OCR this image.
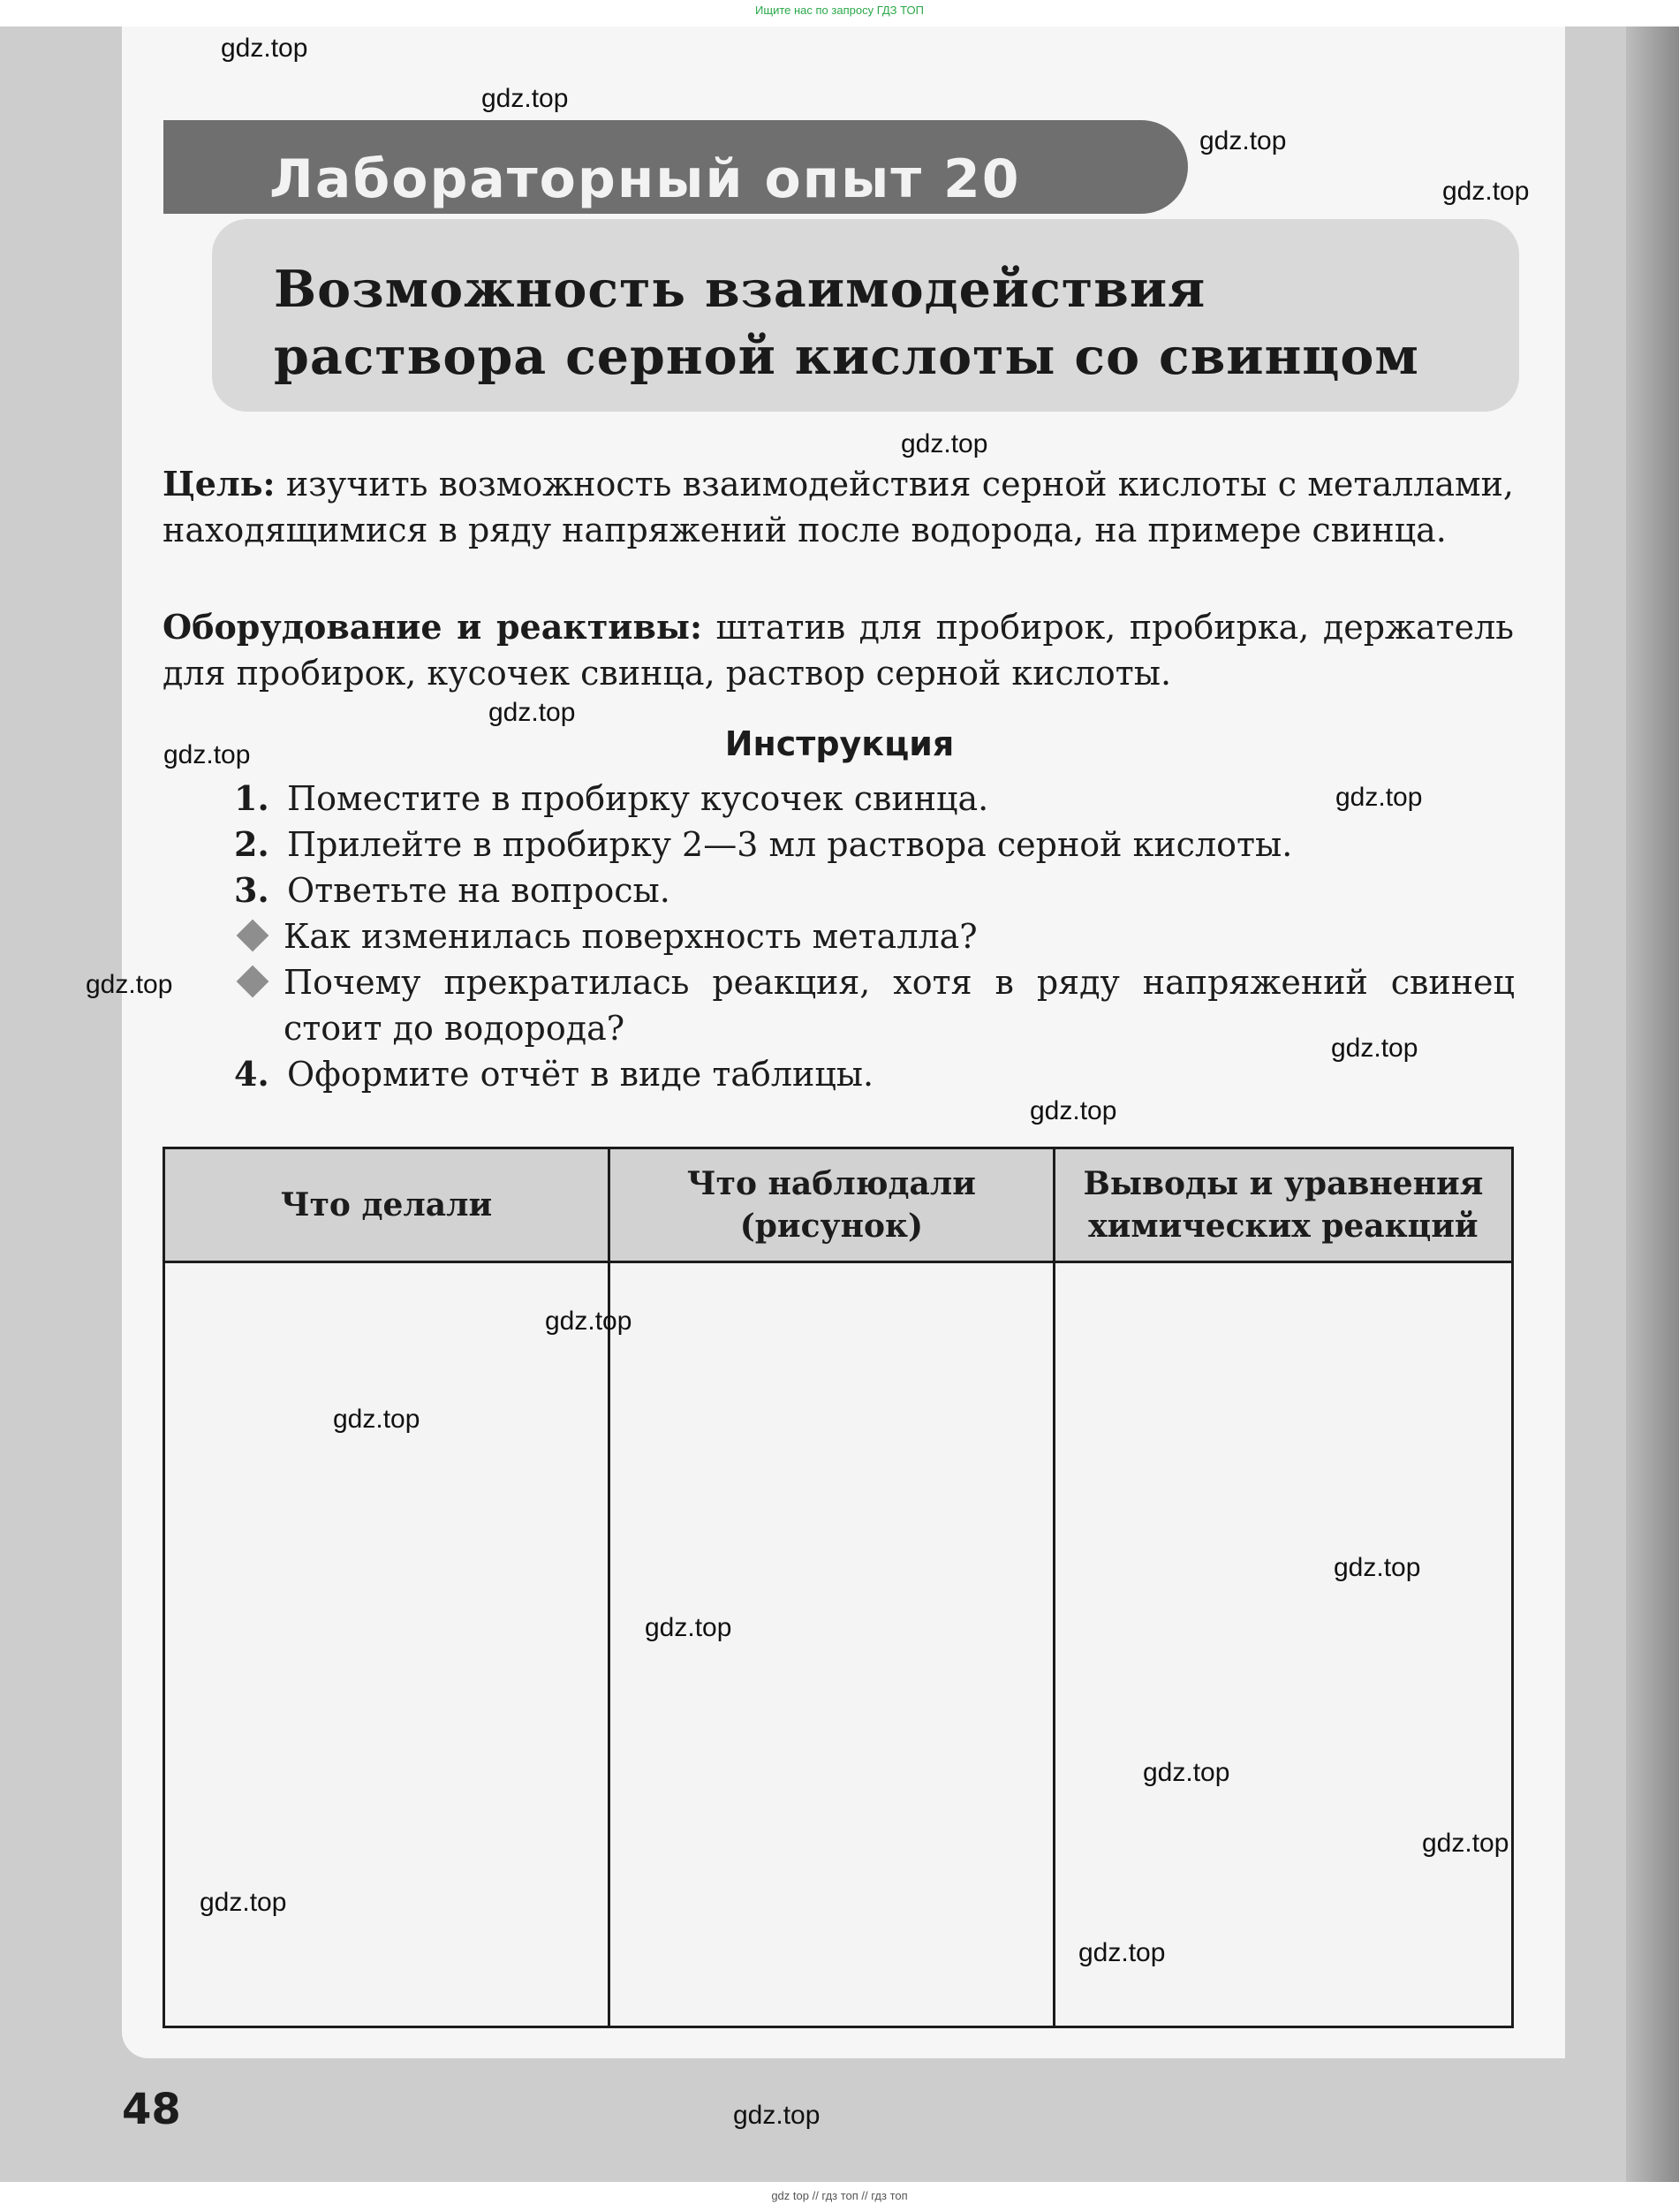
Ищите нас по запросу ГДЗ ТОП
Лабораторный опыт 20
Возможность взаимодействия
раствора серной кислоты со свинцом

Цель: изучить возможность взаимодействия серной кислоты с металлами, находящимися в ряду напряжений после водорода, на примере свинца.

Оборудование и реактивы: штатив для пробирок, пробирка, держатель для пробирок, кусочек свинца, раствор серной кислоты.

Инструкция
1. Поместите в пробирку кусочек свинца.
2. Прилейте в пробирку 2—3 мл раствора серной кислоты.
3. Ответьте на вопросы.
Как изменилась поверхность металла?
Почему прекратилась реакция, хотя в ряду напряжений свинец стоит до водорода?
4. Оформите отчёт в виде таблицы.
Что делали	Что наблюдали (рисунок)	Выводы и уравнения химических реакций

48
gdz.top
gdz.top
gdz.top
gdz.top
gdz.top
gdz.top
gdz.top
gdz.top
gdz.top
gdz.top
gdz.top
gdz.top
gdz.top
gdz.top
gdz.top
gdz.top
gdz.top
gdz.top
gdz.top
gdz.top
gdz top // гдз топ // гдз топ
